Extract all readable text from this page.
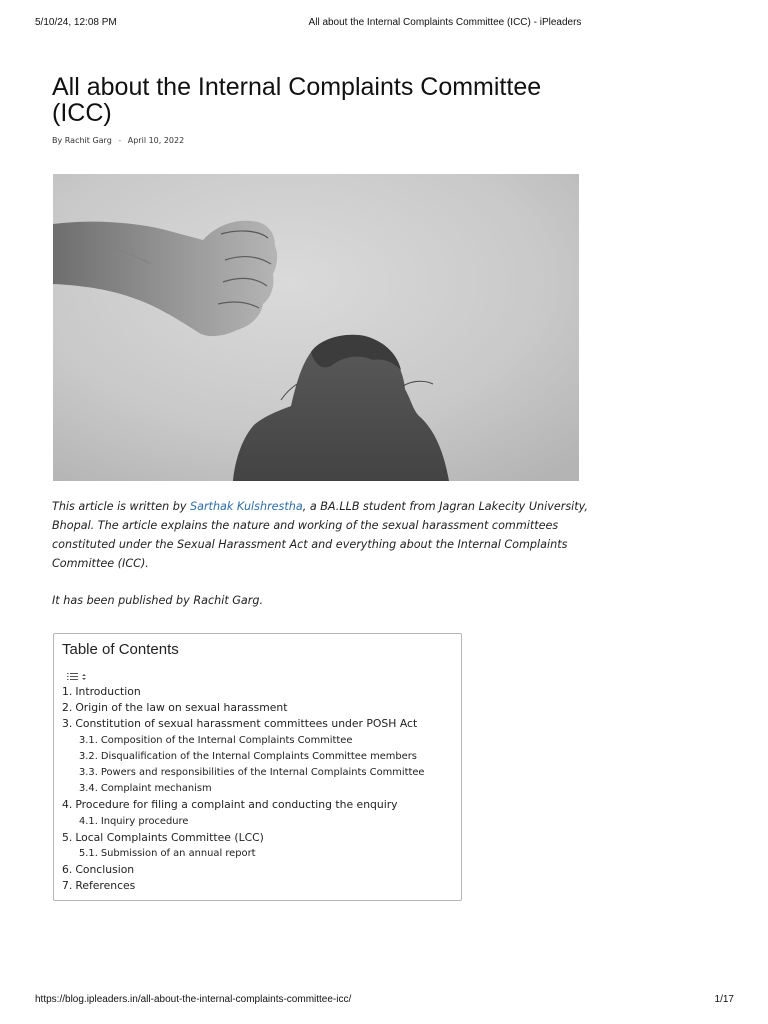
5/10/24, 12:08 PM	All about the Internal Complaints Committee (ICC) - iPleaders
All about the Internal Complaints Committee (ICC)
By Rachit Garg - April 10, 2022
This article is written by Sarthak Kulshrestha, a BA.LLB student from Jagran Lakecity University, Bhopal. The article explains the nature and working of the sexual harassment committees constituted under the Sexual Harassment Act and everything about the Internal Complaints Committee (ICC).
It has been published by Rachit Garg.
Table of Contents
1. Introduction
2. Origin of the law on sexual harassment
3. Constitution of sexual harassment committees under POSH Act
3.1. Composition of the Internal Complaints Committee
3.2. Disqualification of the Internal Complaints Committee members
3.3. Powers and responsibilities of the Internal Complaints Committee
3.4. Complaint mechanism
4. Procedure for filing a complaint and conducting the enquiry
4.1. Inquiry procedure
5. Local Complaints Committee (LCC)
5.1. Submission of an annual report
6. Conclusion
7. References
https://blog.ipleaders.in/all-about-the-internal-complaints-committee-icc/	1/17
